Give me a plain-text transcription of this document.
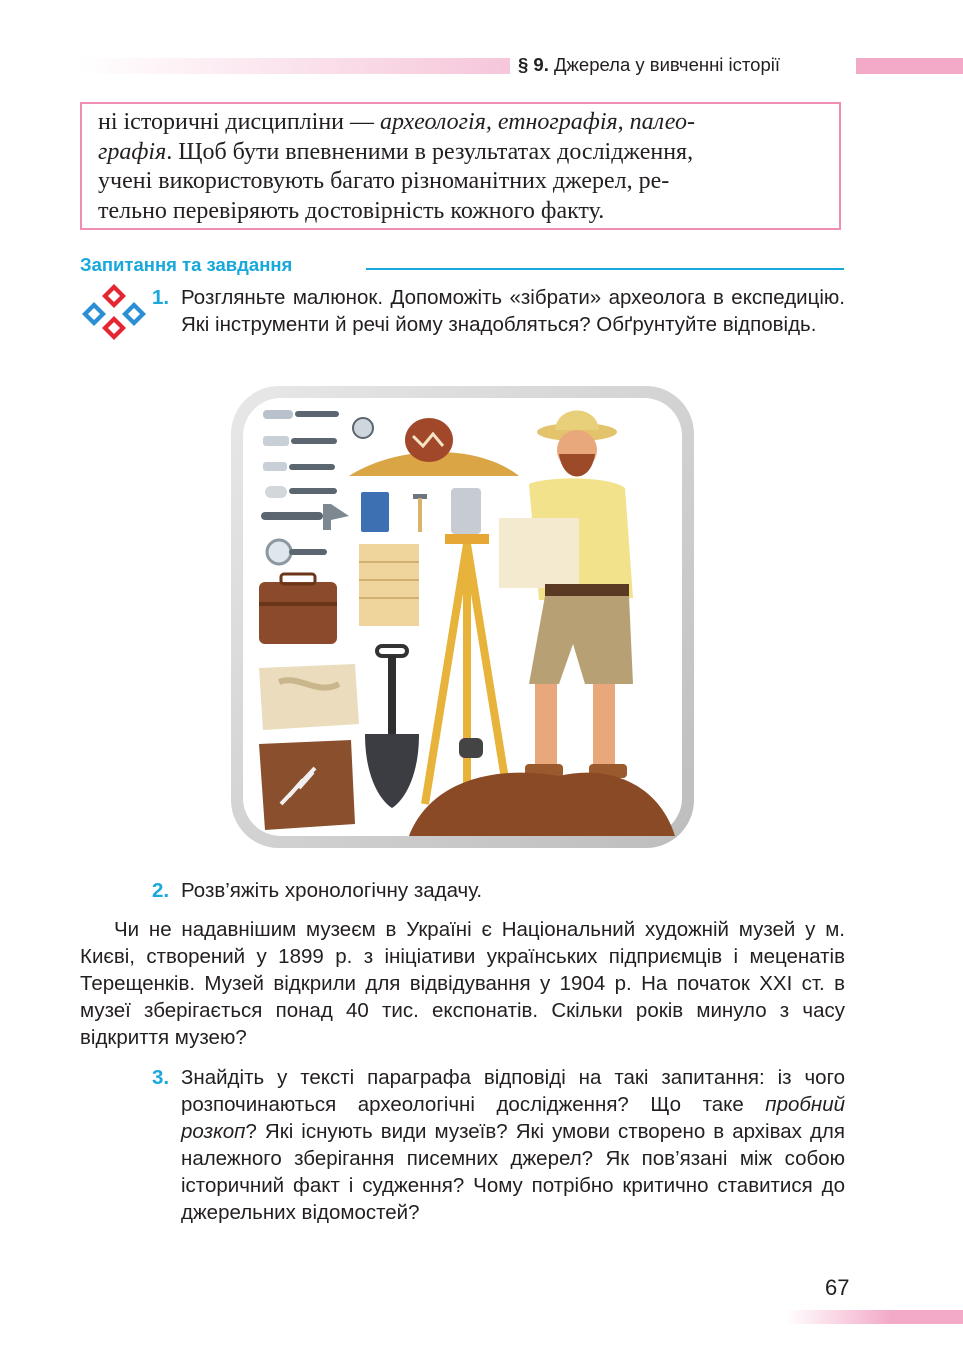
§ 9. Джерела у вивченні історії

ні історичні дисципліни — археологія, етнографія, палео-

графія. Щоб бути впевненими в результатах дослідження,

учені використовують багато різноманітних джерел, ре-

тельно перевіряють достовірність кожного факту.

Запитання та завдання
1. Розгляньте малюнок. Допоможіть «зібрати» археолога в експедицію. Які інструменти й речі йому знадобляться? Обґрунтуйте відповідь.
2. Розв’яжіть хронологічну задачу.
Чи не надавнішим музеєм в Україні є Національний художній музей у м. Києві, створений у 1899 р. з ініціативи українських підприємців і меценатів Терещенків. Музей відкрили для відвідування у 1904 р. На початок XXI ст. в музеї зберігається понад 40 тис. експонатів. Скільки років минуло з часу відкриття музею?
3. Знайдіть у тексті параграфа відповіді на такі запитання: із чого розпочинаються археологічні дослідження? Що таке пробний розкоп? Які існують види музеїв? Які умови створено в архівах для належного зберігання писемних джерел? Як пов’язані між собою історичний факт і судження? Чому потрібно критично ставитися до джерельних відомостей?
67
